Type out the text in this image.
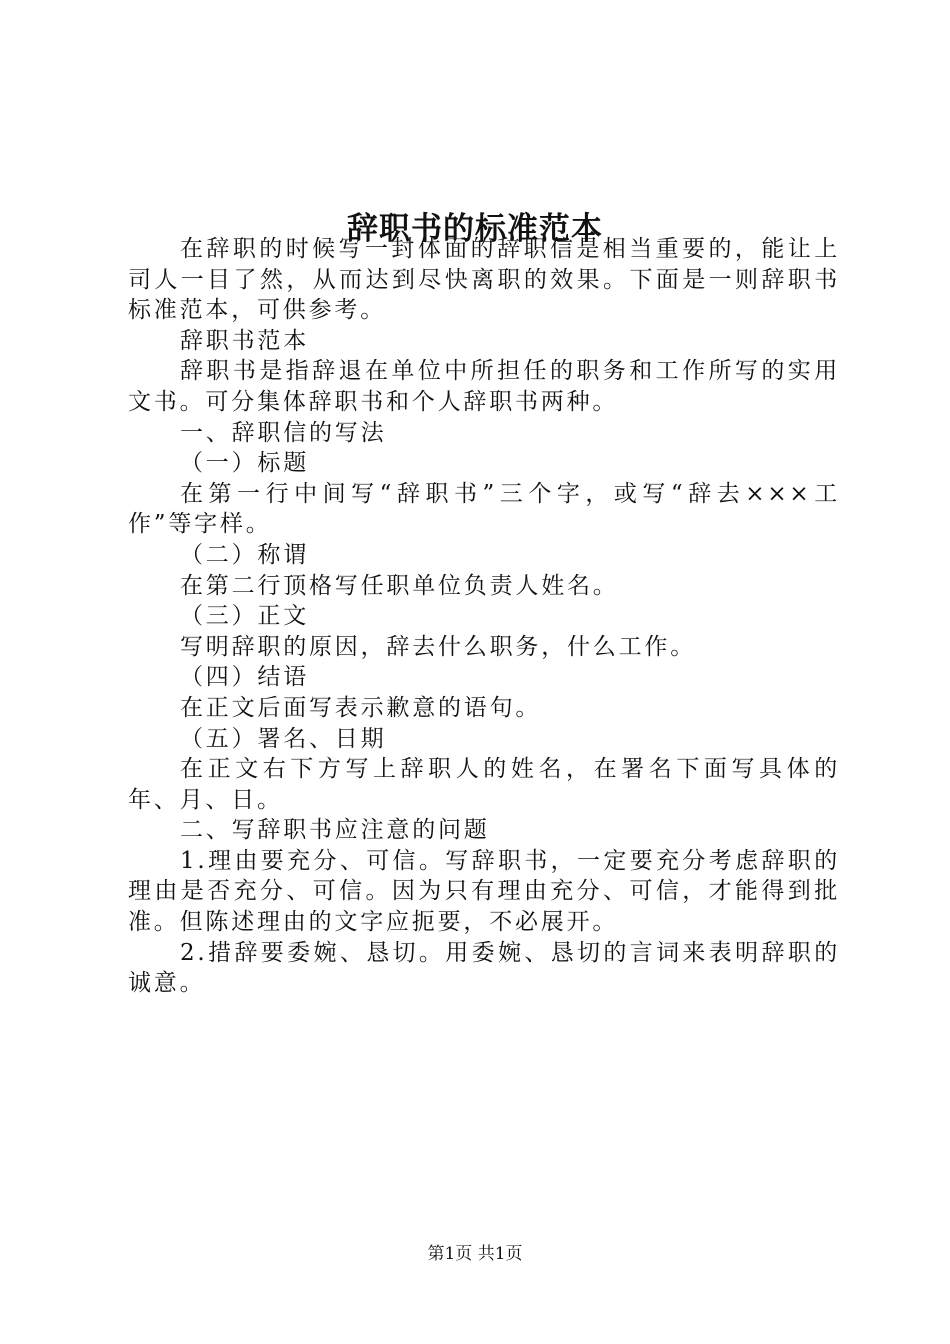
辞职书的标准范本

在辞职的时候写一封体面的辞职信是相当重要的，能让上司人一目了然，从而达到尽快离职的效果。下面是一则辞职书标准范本，可供参考。

辞职书范本

辞职书是指辞退在单位中所担任的职务和工作所写的实用文书。可分集体辞职书和个人辞职书两种。

一、辞职信的写法

（一）标题

在第一行中间写“辞职书”三个字，或写“辞去×××工作”等字样。

（二）称谓

在第二行顶格写任职单位负责人姓名。

（三）正文

写明辞职的原因，辞去什么职务，什么工作。

（四）结语

在正文后面写表示歉意的语句。

（五）署名、日期

在正文右下方写上辞职人的姓名，在署名下面写具体的年、月、日。

二、写辞职书应注意的问题

1.理由要充分、可信。写辞职书，一定要充分考虑辞职的理由是否充分、可信。因为只有理由充分、可信，才能得到批准。但陈述理由的文字应扼要，不必展开。

2.措辞要委婉、恳切。用委婉、恳切的言词来表明辞职的诚意。

第1页 共1页
